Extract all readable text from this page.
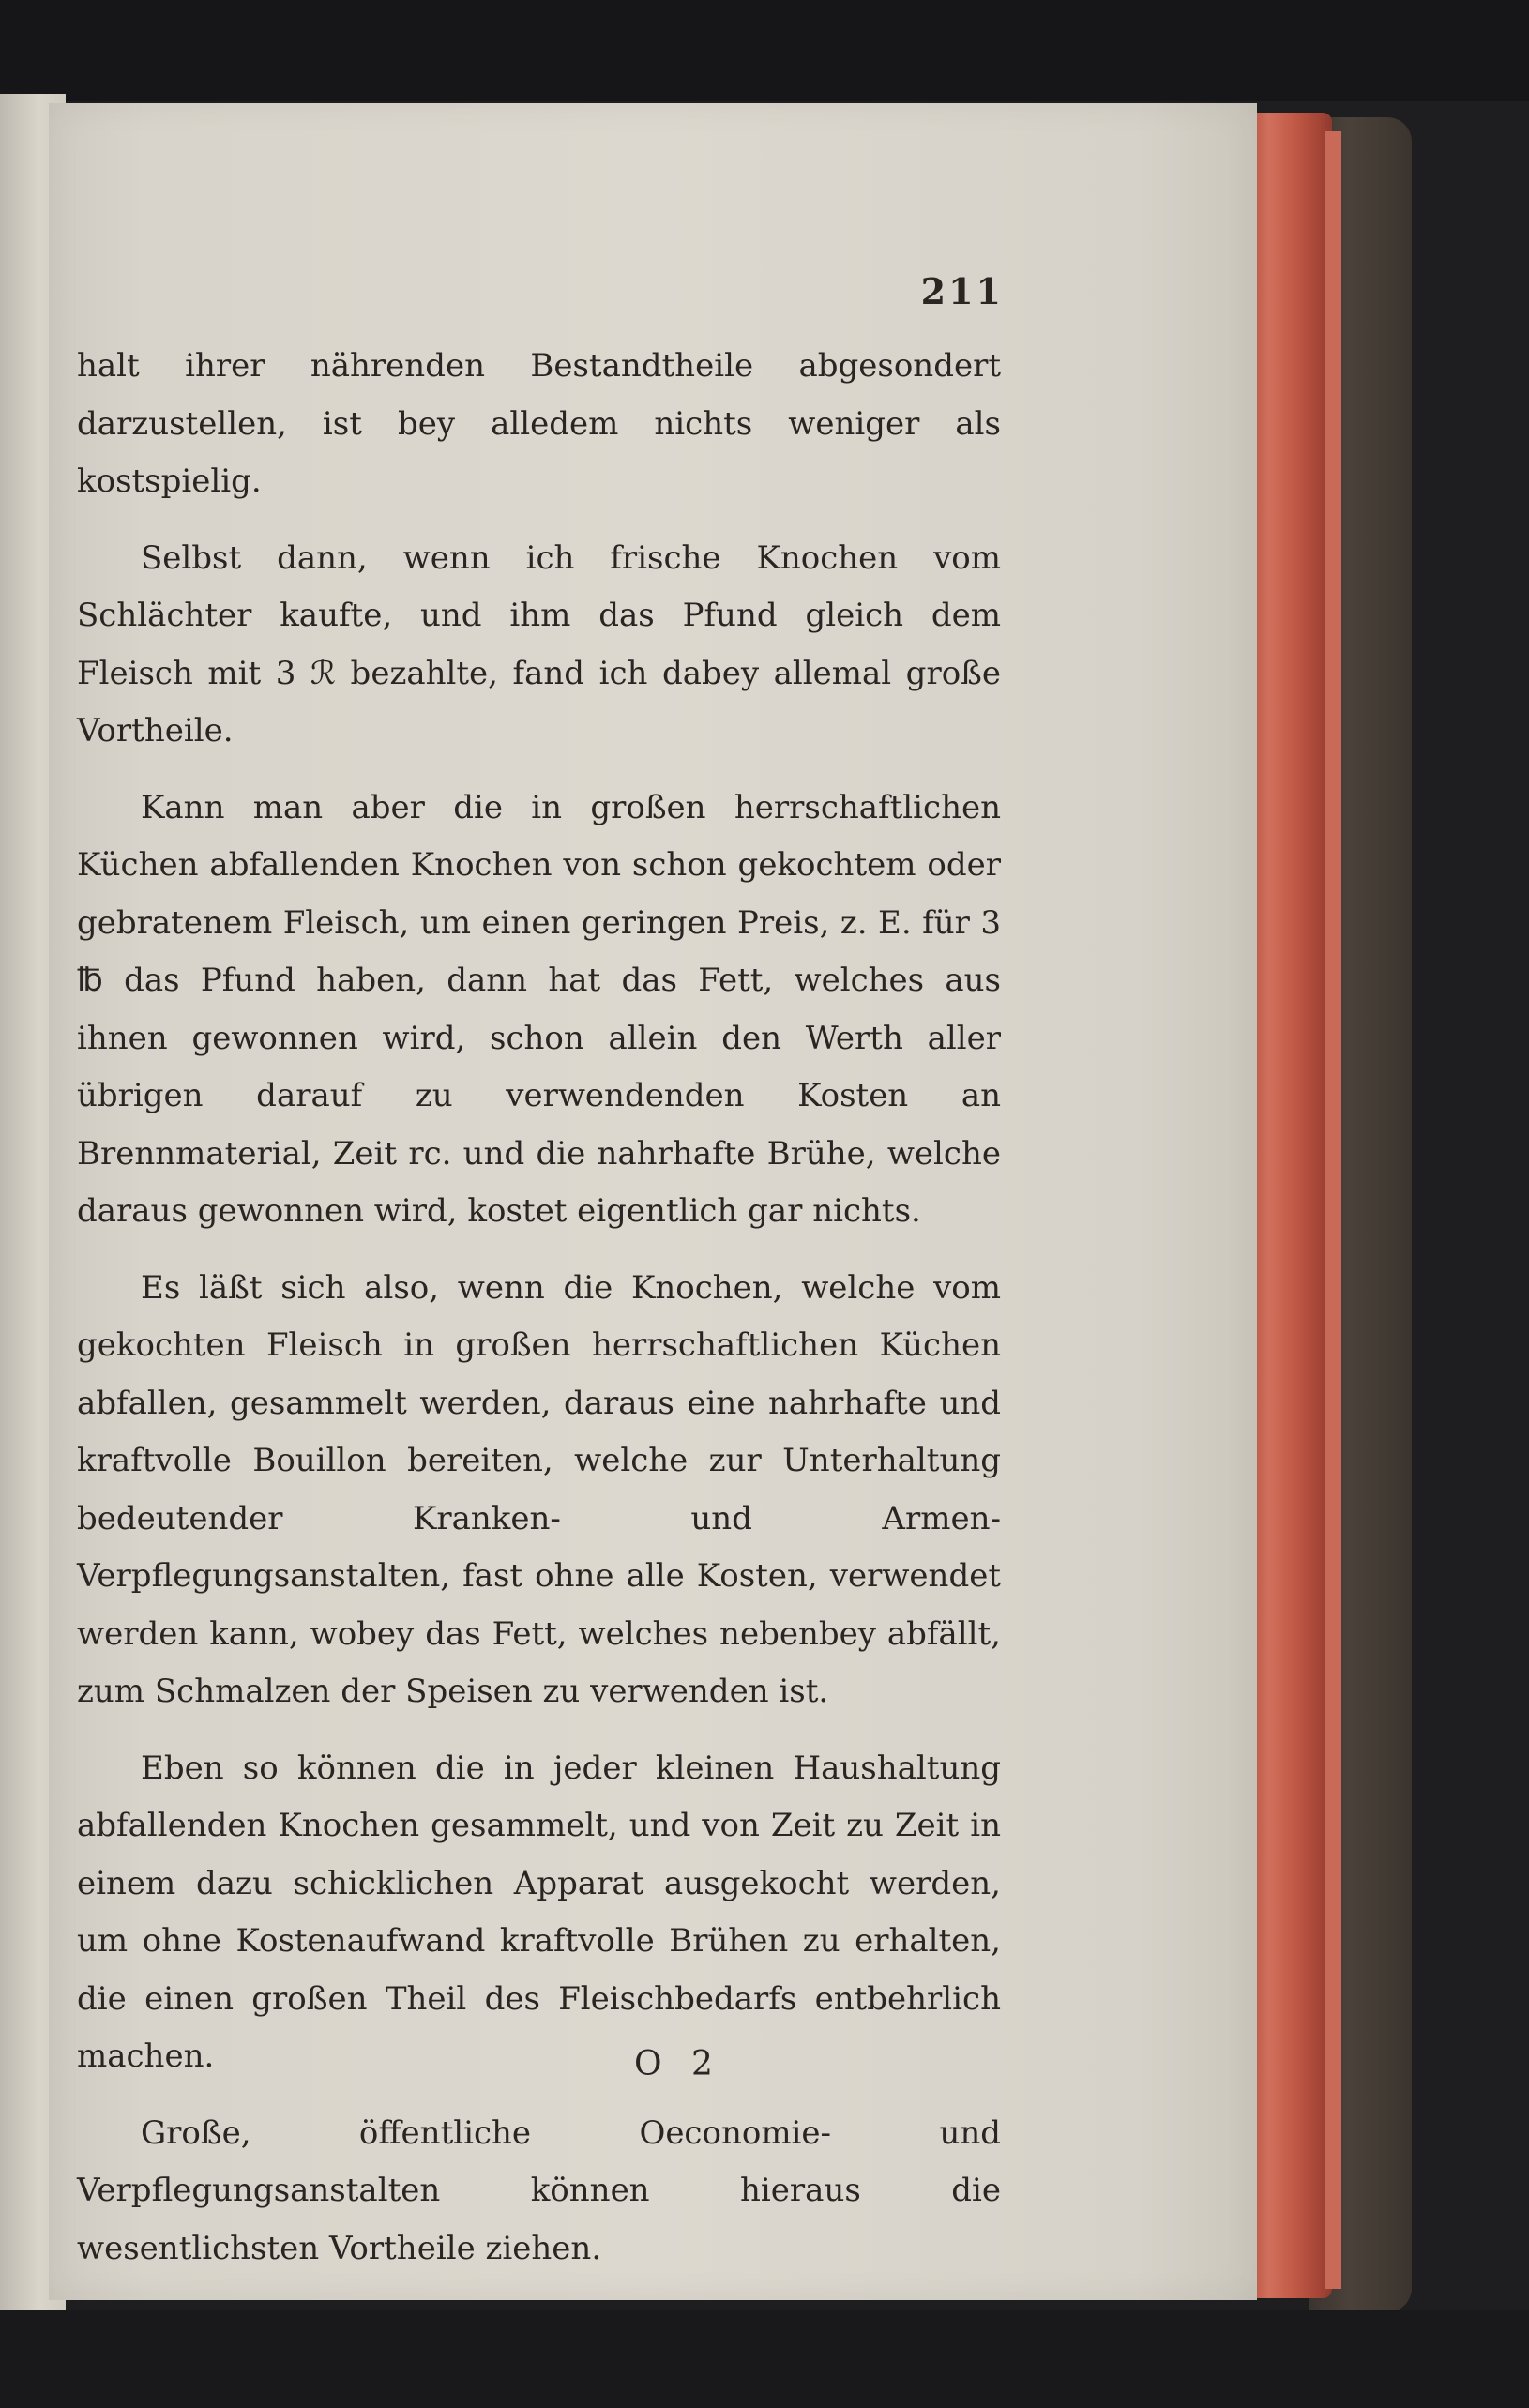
211

halt ihrer nährenden Bestandtheile abgesondert darzustellen, ist bey alledem nichts weniger als kostspielig.

Selbst dann, wenn ich frische Knochen vom Schlächter kaufte, und ihm das Pfund gleich dem Fleisch mit 3 ℛ bezahlte, fand ich dabey allemal große Vortheile.

Kann man aber die in großen herrschaftlichen Küchen abfallenden Knochen von schon gekochtem oder gebratenem Fleisch, um einen geringen Preis, z. E. für 3 ℔ das Pfund haben, dann hat das Fett, welches aus ihnen gewonnen wird, schon allein den Werth aller übrigen darauf zu verwendenden Kosten an Brennmaterial, Zeit rc. und die nahrhafte Brühe, welche daraus gewonnen wird, kostet eigentlich gar nichts.

Es läßt sich also, wenn die Knochen, welche vom gekochten Fleisch in großen herrschaftlichen Küchen abfallen, gesammelt werden, daraus eine nahrhafte und kraftvolle Bouillon bereiten, welche zur Unterhaltung bedeutender Kranken- und Armen-Verpflegungsanstalten, fast ohne alle Kosten, verwendet werden kann, wobey das Fett, welches nebenbey abfällt, zum Schmalzen der Speisen zu verwenden ist.

Eben so können die in jeder kleinen Haushaltung abfallenden Knochen gesammelt, und von Zeit zu Zeit in einem dazu schicklichen Apparat ausgekocht werden, um ohne Kostenaufwand kraftvolle Brühen zu erhalten, die einen großen Theil des Fleischbedarfs entbehrlich machen.

Große, öffentliche Oeconomie- und Verpflegungsanstalten können hieraus die wesentlichsten Vortheile ziehen.

O 2
